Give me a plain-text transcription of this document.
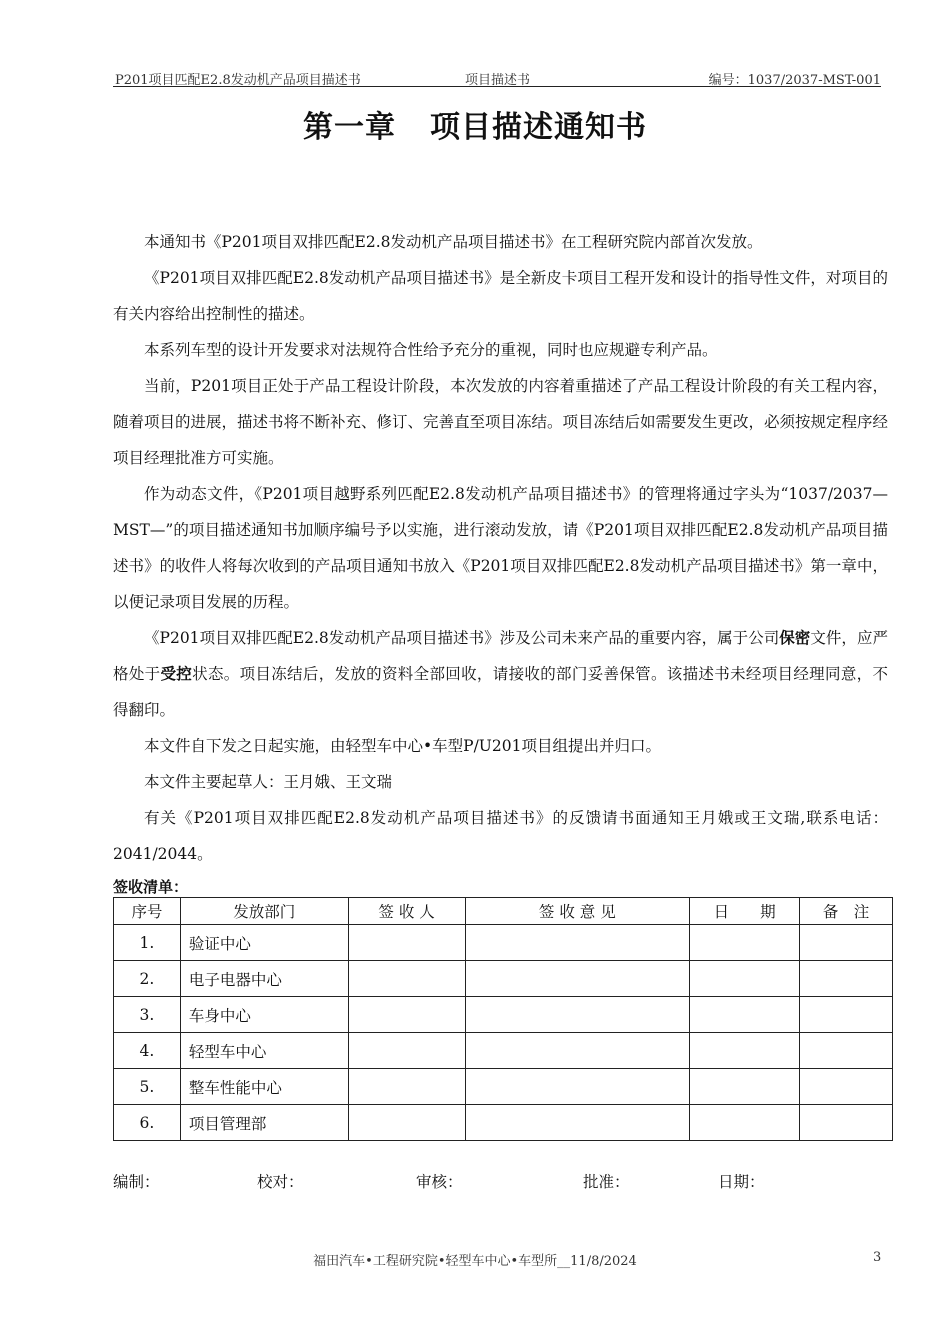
P201项目匹配E2.8发动机产品项目描述书	项目描述书	编号：1037/2037-MST-001
第一章 项目描述通知书

本通知书《P201项目双排匹配E2.8发动机产品项目描述书》在工程研究院内部首次发放。

《P201项目双排匹配E2.8发动机产品项目描述书》是全新皮卡项目工程开发和设计的指导性文件，对项目的有关内容给出控制性的描述。

本系列车型的设计开发要求对法规符合性给予充分的重视，同时也应规避专利产品。

当前，P201项目正处于产品工程设计阶段，本次发放的内容着重描述了产品工程设计阶段的有关工程内容，随着项目的进展，描述书将不断补充、修订、完善直至项目冻结。项目冻结后如需要发生更改，必须按规定程序经项目经理批准方可实施。

作为动态文件，《P201项目越野系列匹配E2.8发动机产品项目描述书》的管理将通过字头为“1037/2037—MST—”的项目描述通知书加顺序编号予以实施，进行滚动发放，请《P201项目双排匹配E2.8发动机产品项目描述书》的收件人将每次收到的产品项目通知书放入《P201项目双排匹配E2.8发动机产品项目描述书》第一章中，以便记录项目发展的历程。

《P201项目双排匹配E2.8发动机产品项目描述书》涉及公司未来产品的重要内容，属于公司保密文件，应严格处于受控状态。项目冻结后，发放的资料全部回收，请接收的部门妥善保管。该描述书未经项目经理同意，不得翻印。

本文件自下发之日起实施，由轻型车中心•车型P/U201项目组提出并归口。

本文件主要起草人：王月娥、王文瑞

有关《P201项目双排匹配E2.8发动机产品项目描述书》的反馈请书面通知王月娥或王文瑞,联系电话：2041/2044。

签收清单：
序号	发放部门	签 收 人	签 收 意 见	日　　期	备　注
1.	验证中心				
2.	电子电器中心				
3.	车身中心				
4.	轻型车中心				
5.	整车性能中心				
6.	项目管理部				
编制：	校对：	审核：	批准：	日期：
福田汽车•工程研究院•轻型车中心•车型所__11/8/2024	3
